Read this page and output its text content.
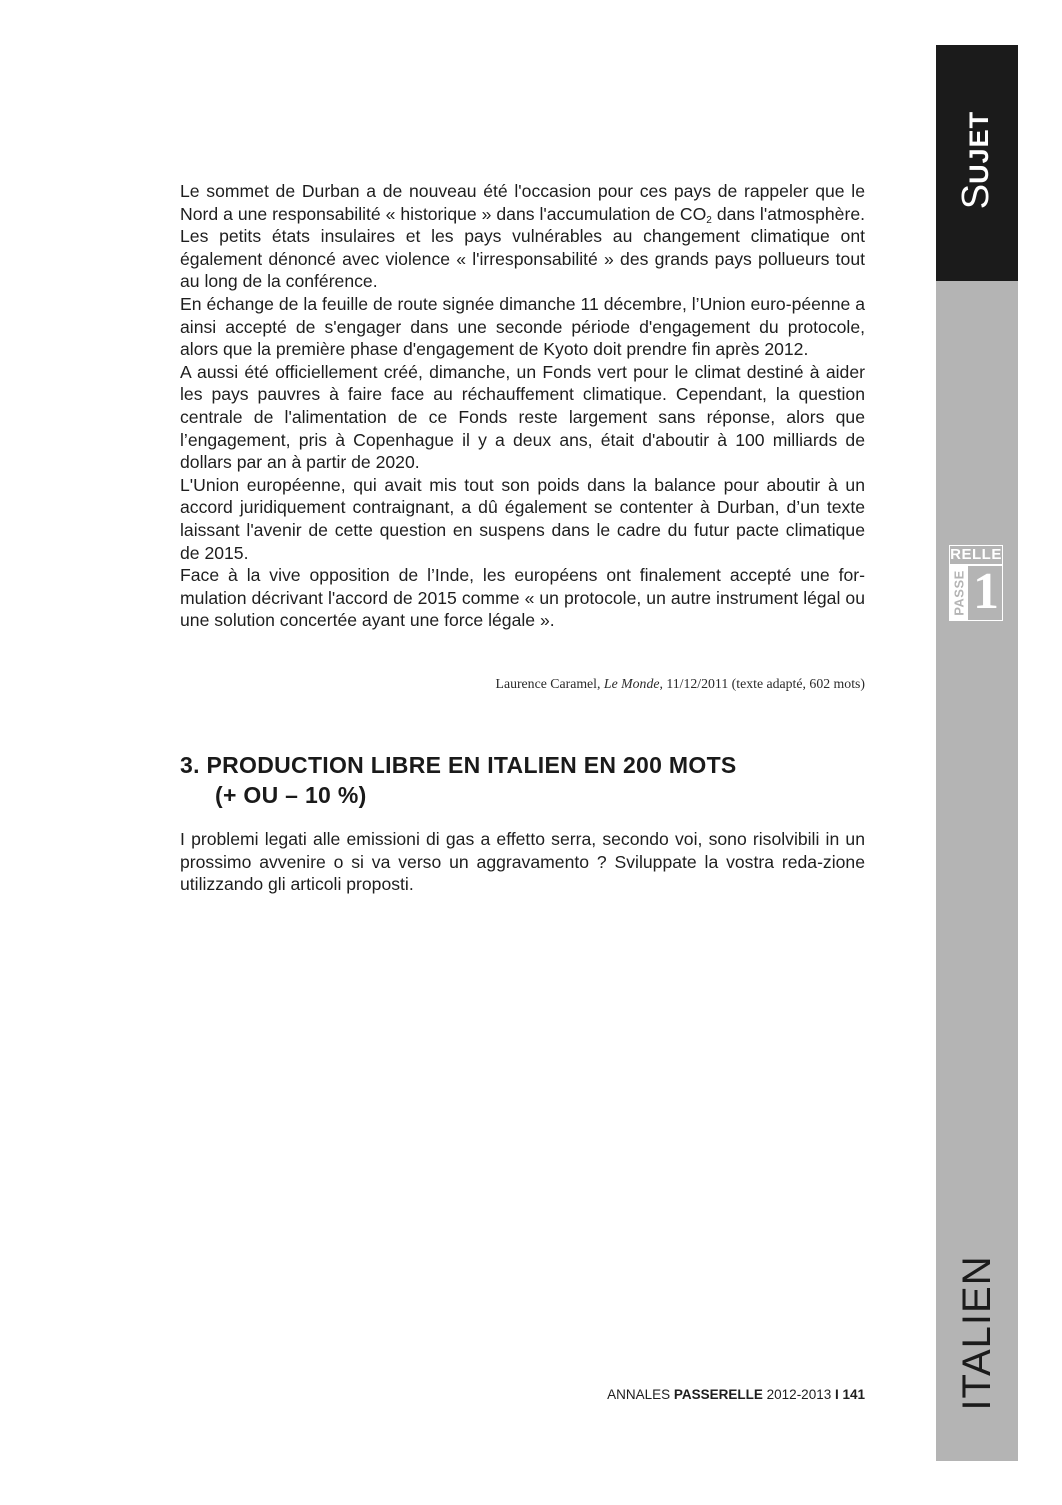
SUJET
ITALIEN
RELLE
PASSE 1

Le sommet de Durban a de nouveau été l'occasion pour ces pays de rappeler que le Nord a une responsabilité « historique » dans l'accumulation de $CO_2$ dans l'atmosphère. Les petits états insulaires et les pays vulnérables au changement climatique ont également dénoncé avec violence « l'irresponsabilité » des grands pays pollueurs tout au long de la conférence.

En échange de la feuille de route signée dimanche 11 décembre, l’Union euro-péenne a ainsi accepté de s'engager dans une seconde période d'engagement du protocole, alors que la première phase d'engagement de Kyoto doit prendre fin après 2012.

A aussi été officiellement créé, dimanche, un Fonds vert pour le climat destiné à aider les pays pauvres à faire face au réchauffement climatique. Cependant, la question centrale de l'alimentation de ce Fonds reste largement sans réponse, alors que l’engagement, pris à Copenhague il y a deux ans, était d'aboutir à 100 milliards de dollars par an à partir de 2020.

L'Union européenne, qui avait mis tout son poids dans la balance pour aboutir à un accord juridiquement contraignant, a dû également se contenter à Durban, d’un texte laissant l'avenir de cette question en suspens dans le cadre du futur pacte climatique de 2015.

Face à la vive opposition de l’Inde, les européens ont finalement accepté une for-mulation décrivant l'accord de 2015 comme « un protocole, un autre instrument légal ou une solution concertée ayant une force légale ».

Laurence Caramel, Le Monde, 11/12/2011 (texte adapté, 602 mots)
3. PRODUCTION LIBRE EN ITALIEN EN 200 MOTS
(+ OU – 10 %)
I problemi legati alle emissioni di gas a effetto serra, secondo voi, sono risolvibili in un prossimo avvenire o si va verso un aggravamento ? Sviluppate la vostra reda-zione utilizzando gli articoli proposti.
ANNALES PASSERELLE 2012-2013 I 141
